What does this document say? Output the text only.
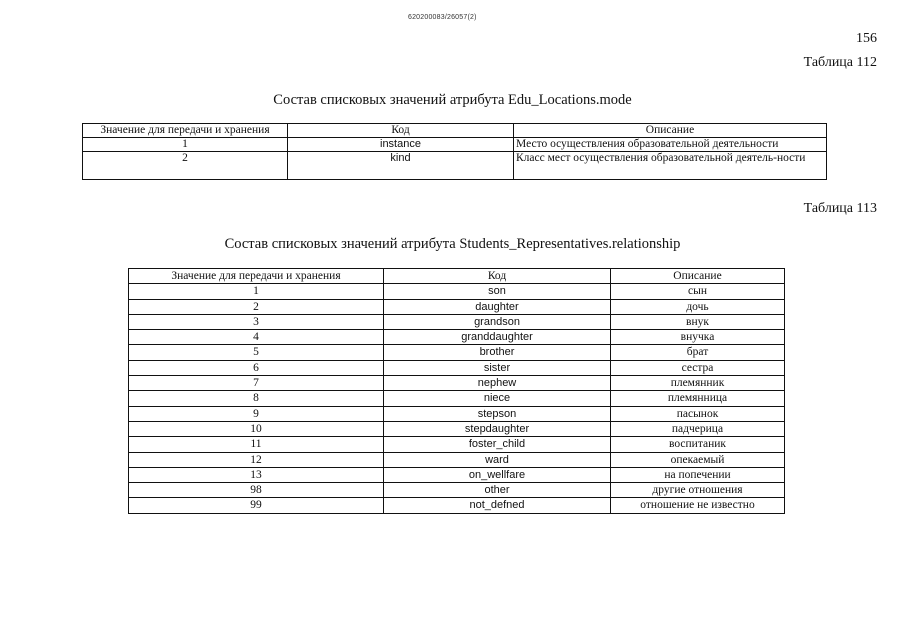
620200083/26057(2)
156
Таблица 112
Состав списковых значений атрибута Edu_Locations.mode
Значение для передачи и хранения	Код	Описание
1	instance	Место осуществления образовательной деятельности
2	kind	Класс мест осуществления образовательной деятель-ности
Таблица 113
Состав списковых значений атрибута Students_Representatives.relationship
Значение для передачи и хранения	Код	Описание
1	son	сын
2	daughter	дочь
3	grandson	внук
4	granddaughter	внучка
5	brother	брат
6	sister	сестра
7	nephew	племянник
8	niece	племянница
9	stepson	пасынок
10	stepdaughter	падчерица
11	foster_child	воспитаник
12	ward	опекаемый
13	on_wellfare	на попечении
98	other	другие отношения
99	not_defned	отношение не известно
